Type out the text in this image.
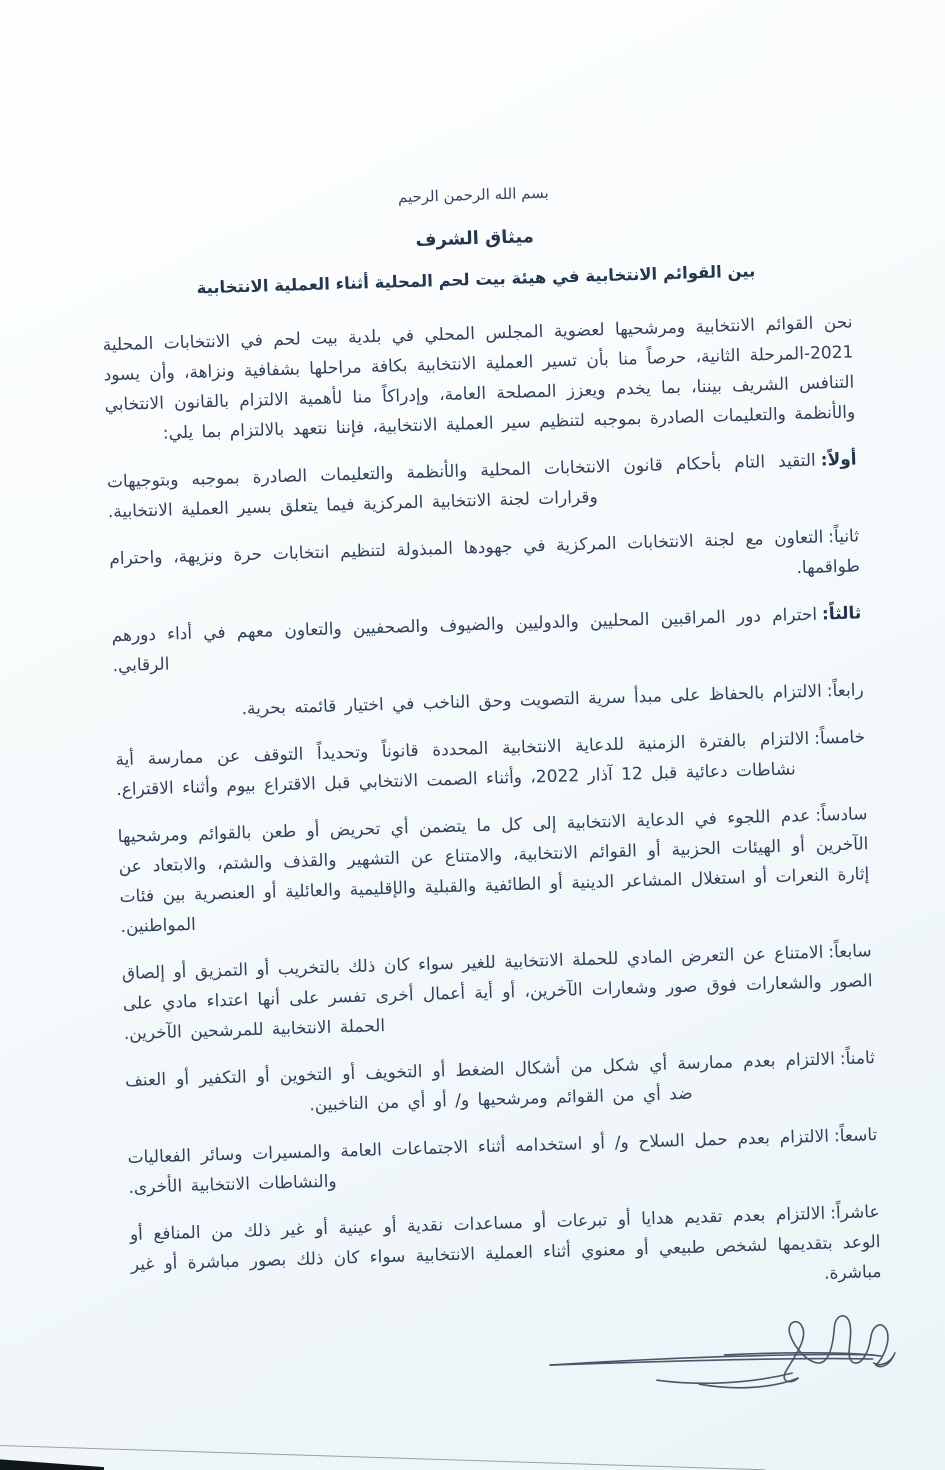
بسم الله الرحمن الرحيم
ميثاق الشرف
بين القوائم الانتخابية في هيئة بيت لحم المحلية أثناء العملية الانتخابية

نحن القوائم الانتخابية ومرشحيها لعضوية المجلس المحلي في بلدية بيت لحم في الانتخابات المحلية 2021-المرحلة الثانية، حرصاً منا بأن تسير العملية الانتخابية بكافة مراحلها بشفافية ونزاهة، وأن يسود التنافس الشريف بيننا، بما يخدم ويعزز المصلحة العامة، وإدراكاً منا لأهمية الالتزام بالقانون الانتخابي والأنظمة والتعليمات الصادرة بموجبه لتنظيم سير العملية الانتخابية، فإننا نتعهد بالالتزام بما يلي:

أولاً:التقيد التام بأحكام قانون الانتخابات المحلية والأنظمة والتعليمات الصادرة بموجبه وبتوجيهات وقرارات لجنة الانتخابية المركزية فيما يتعلق بسير العملية الانتخابية.

ثانياً:التعاون مع لجنة الانتخابات المركزية في جهودها المبذولة لتنظيم انتخابات حرة ونزيهة، واحترام طواقمها.

ثالثاً:احترام دور المراقبين المحليين والدوليين والضيوف والصحفيين والتعاون معهم في أداء دورهم الرقابي.

رابعاً:الالتزام بالحفاظ على مبدأ سرية التصويت وحق الناخب في اختيار قائمته بحرية.

خامساً:الالتزام بالفترة الزمنية للدعاية الانتخابية المحددة قانوناً وتحديداً التوقف عن ممارسة أية نشاطات دعائية قبل 12 آذار 2022، وأثناء الصمت الانتخابي قبل الاقتراع بيوم وأثناء الاقتراع.

سادساً:عدم اللجوء في الدعاية الانتخابية إلى كل ما يتضمن أي تحريض أو طعن بالقوائم ومرشحيها الآخرين أو الهيئات الحزبية أو القوائم الانتخابية، والامتناع عن التشهير والقذف والشتم، والابتعاد عن إثارة النعرات أو استغلال المشاعر الدينية أو الطائفية والقبلية والإقليمية والعائلية أو العنصرية بين فئات المواطنين.

سابعاً:الامتناع عن التعرض المادي للحملة الانتخابية للغير سواء كان ذلك بالتخريب أو التمزيق أو إلصاق الصور والشعارات فوق صور وشعارات الآخرين، أو أية أعمال أخرى تفسر على أنها اعتداء مادي على الحملة الانتخابية للمرشحين الآخرين.

ثامناً:الالتزام بعدم ممارسة أي شكل من أشكال الضغط أو التخويف أو التخوين أو التكفير أو العنف ضد أي من القوائم ومرشحيها و/ أو أي من الناخبين.

تاسعاً:الالتزام بعدم حمل السلاح و/ أو استخدامه أثناء الاجتماعات العامة والمسيرات وسائر الفعاليات والنشاطات الانتخابية الأخرى.

عاشراً:الالتزام بعدم تقديم هدايا أو تبرعات أو مساعدات نقدية أو عينية أو غير ذلك من المنافع أو الوعد بتقديمها لشخص طبيعي أو معنوي أثناء العملية الانتخابية سواء كان ذلك بصور مباشرة أو غير مباشرة.
